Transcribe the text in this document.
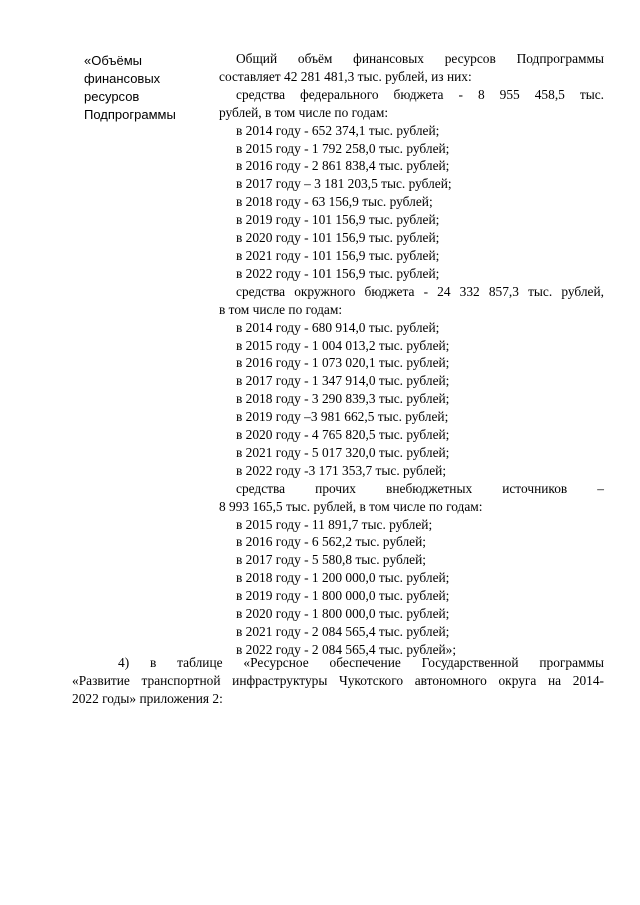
«Объёмы
финансовых
ресурсов
Подпрограммы
Общий объём финансовых ресурсов Подпрограммы
составляет 42 281 481,3 тыс. рублей, из них:
средства федерального бюджета - 8 955 458,5 тыс.
рублей, в том числе по годам:
в 2014 году - 652 374,1 тыс. рублей;
в 2015 году - 1 792 258,0 тыс. рублей;
в 2016 году - 2 861 838,4 тыс. рублей;
в 2017 году – 3 181 203,5 тыс. рублей;
в 2018 году - 63 156,9 тыс. рублей;
в 2019 году - 101 156,9 тыс. рублей;
в 2020 году - 101 156,9 тыс. рублей;
в 2021 году - 101 156,9 тыс. рублей;
в 2022 году - 101 156,9 тыс. рублей;
средства окружного бюджета - 24 332 857,3 тыс. рублей,
в том числе по годам:
в 2014 году - 680 914,0 тыс. рублей;
в 2015 году - 1 004 013,2 тыс. рублей;
в 2016 году - 1 073 020,1 тыс. рублей;
в 2017 году - 1 347 914,0 тыс. рублей;
в 2018 году - 3 290 839,3 тыс. рублей;
в 2019 году –3 981 662,5 тыс. рублей;
в 2020 году - 4 765 820,5 тыс. рублей;
в 2021 году - 5 017 320,0 тыс. рублей;
в 2022 году -3 171 353,7 тыс. рублей;
средства прочих внебюджетных источников –
8 993 165,5 тыс. рублей, в том числе по годам:
в 2015 году - 11 891,7 тыс. рублей;
в 2016 году - 6 562,2 тыс. рублей;
в 2017 году - 5 580,8 тыс. рублей;
в 2018 году - 1 200 000,0 тыс. рублей;
в 2019 году - 1 800 000,0 тыс. рублей;
в 2020 году - 1 800 000,0 тыс. рублей;
в 2021 году - 2 084 565,4 тыс. рублей;
в 2022 году - 2 084 565,4 тыс. рублей»;
4) в таблице «Ресурсное обеспечение Государственной программы
«Развитие транспортной инфраструктуры Чукотского автономного округа на 2014-
2022 годы» приложения 2:
